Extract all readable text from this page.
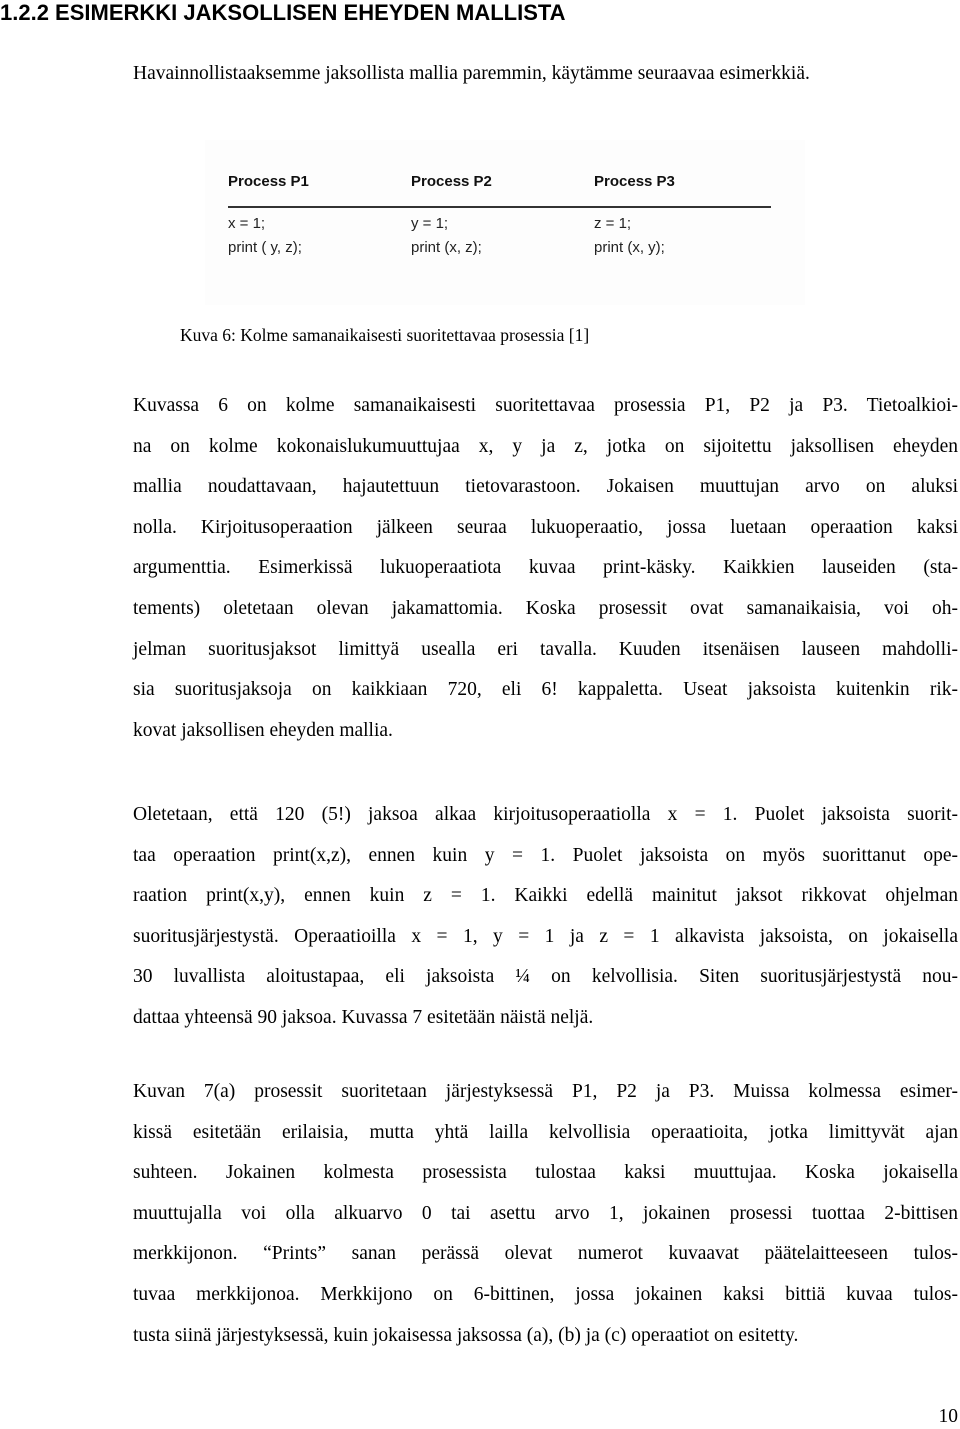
1.2.2 ESIMERKKI JAKSOLLISEN EHEYDEN MALLISTA
Havainnollistaaksemme jaksollista mallia paremmin, käytämme seuraavaa esimerkkiä.
Process P1	Process P2	Process P3
x = 1;	y = 1;	z = 1;
print ( y, z);	print (x, z);	print (x, y);
Kuva 6: Kolme samanaikaisesti suoritettavaa prosessia [1]
Kuvassa 6 on kolme samanaikaisesti suoritettavaa prosessia P1, P2 ja P3. Tietoalkioi-
na on kolme kokonaislukumuuttujaa x, y ja z, jotka on sijoitettu jaksollisen eheyden
mallia noudattavaan, hajautettuun tietovarastoon. Jokaisen muuttujan arvo on aluksi
nolla. Kirjoitusoperaation jälkeen seuraa lukuoperaatio, jossa luetaan operaation kaksi
argumenttia. Esimerkissä lukuoperaatiota kuvaa print-käsky. Kaikkien lauseiden (sta-
tements) oletetaan olevan jakamattomia. Koska prosessit ovat samanaikaisia, voi oh-
jelman suoritusjaksot limittyä usealla eri tavalla. Kuuden itsenäisen lauseen mahdolli-
sia suoritusjaksoja on kaikkiaan 720, eli 6! kappaletta. Useat jaksoista kuitenkin rik-
kovat jaksollisen eheyden mallia.
Oletetaan, että 120 (5!) jaksoa alkaa kirjoitusoperaatiolla x = 1. Puolet jaksoista suorit-
taa operaation print(x,z), ennen kuin y = 1. Puolet jaksoista on myös suorittanut ope-
raation print(x,y), ennen kuin z = 1. Kaikki edellä mainitut jaksot rikkovat ohjelman
suoritusjärjestystä. Operaatioilla x = 1, y = 1 ja z = 1 alkavista jaksoista, on jokaisella
30 luvallista aloitustapaa, eli jaksoista ¼ on kelvollisia. Siten suoritusjärjestystä nou-
dattaa yhteensä 90 jaksoa. Kuvassa 7 esitetään näistä neljä.
Kuvan 7(a) prosessit suoritetaan järjestyksessä P1, P2 ja P3. Muissa kolmessa esimer-
kissä esitetään erilaisia, mutta yhtä lailla kelvollisia operaatioita, jotka limittyvät ajan
suhteen. Jokainen kolmesta prosessista tulostaa kaksi muuttujaa. Koska jokaisella
muuttujalla voi olla alkuarvo 0 tai asettu arvo 1, jokainen prosessi tuottaa 2-bittisen
merkkijonon. “Prints” sanan perässä olevat numerot kuvaavat päätelaitteeseen tulos-
tuvaa merkkijonoa. Merkkijono on 6-bittinen, jossa jokainen kaksi bittiä kuvaa tulos-
tusta siinä järjestyksessä, kuin jokaisessa jaksossa (a), (b) ja (c) operaatiot on esitetty.
10
